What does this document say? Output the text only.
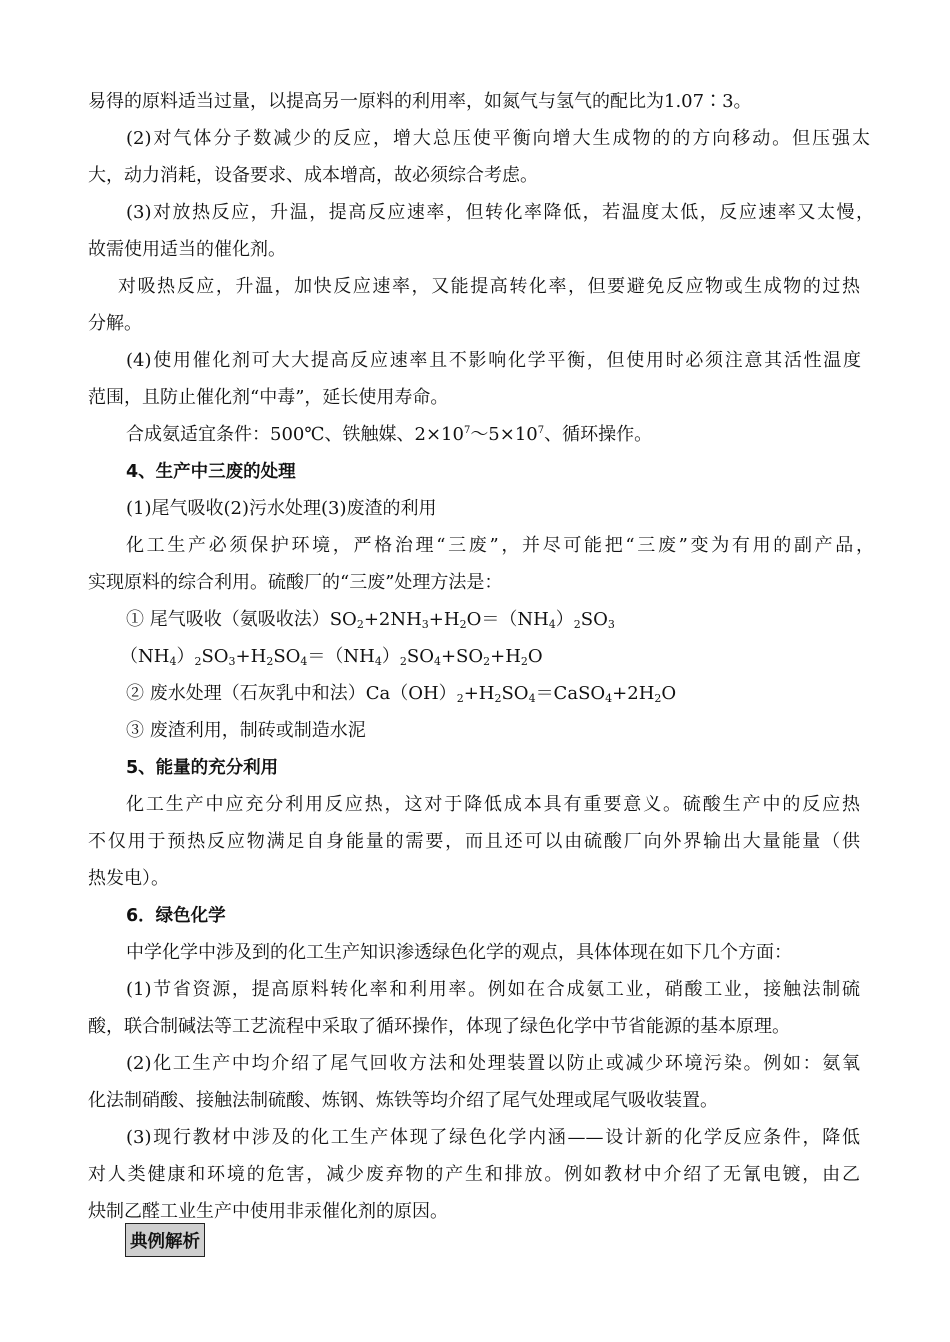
易得的原料适当过量，以提高另一原料的利用率，如氮气与氢气的配比为1.07∶3。
(2)对气体分子数减少的反应，增大总压使平衡向增大生成物的的方向移动。但压强太
大，动力消耗，设备要求、成本增高，故必须综合考虑。
(3)对放热反应，升温，提高反应速率，但转化率降低，若温度太低，反应速率又太慢，
故需使用适当的催化剂。
对吸热反应，升温，加快反应速率，又能提高转化率，但要避免反应物或生成物的过热
分解。
(4)使用催化剂可大大提高反应速率且不影响化学平衡，但使用时必须注意其活性温度
范围，且防止催化剂“中毒”，延长使用寿命。
合成氨适宜条件：500℃、铁触媒、$2\times 10^7\sim 5\times 10^7$、循环操作。
4、生产中三废的处理
(1)尾气吸收(2)污水处理(3)废渣的利用
化工生产必须保护环境，严格治理“三废”，并尽可能把“三废”变为有用的副产品，
实现原料的综合利用。硫酸厂的“三废”处理方法是：
① 尾气吸收（氨吸收法）$SO_2+2NH_3+H_2O=(NH_4)_2SO_3$
$(NH_4)_2SO_3+H_2SO_4=(NH_4)_2SO_4+SO_2+H_2O$
② 废水处理（石灰乳中和法）$Ca(OH)_2+H_2SO_4=CaSO_4+2H_2O$
③ 废渣利用，制砖或制造水泥
5、能量的充分利用
化工生产中应充分利用反应热，这对于降低成本具有重要意义。硫酸生产中的反应热
不仅用于预热反应物满足自身能量的需要，而且还可以由硫酸厂向外界输出大量能量（供
热发电）。
6．绿色化学
中学化学中涉及到的化工生产知识渗透绿色化学的观点，具体体现在如下几个方面：
(1)节省资源，提高原料转化率和利用率。例如在合成氨工业，硝酸工业，接触法制硫
酸，联合制碱法等工艺流程中采取了循环操作，体现了绿色化学中节省能源的基本原理。
(2)化工生产中均介绍了尾气回收方法和处理装置以防止或减少环境污染。例如：氨氧
化法制硝酸、接触法制硫酸、炼钢、炼铁等均介绍了尾气处理或尾气吸收装置。
(3)现行教材中涉及的化工生产体现了绿色化学内涵——设计新的化学反应条件，降低
对人类健康和环境的危害，减少废弃物的产生和排放。例如教材中介绍了无氰电镀，由乙
炔制乙醛工业生产中使用非汞催化剂的原因。
典例解析
